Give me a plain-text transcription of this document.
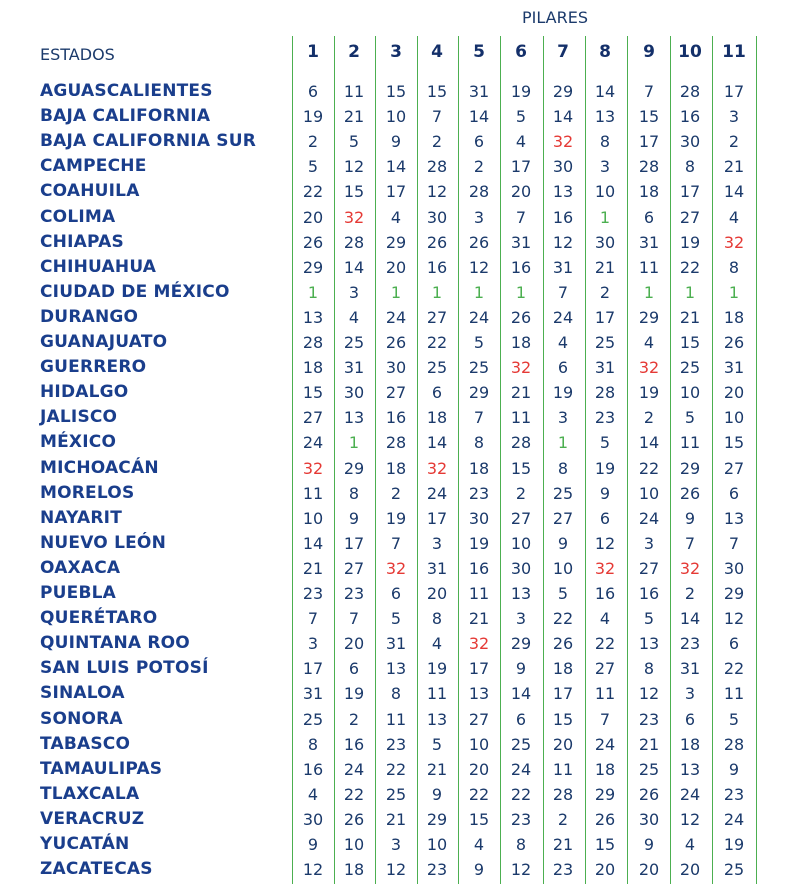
PILARES
ESTADOS	1	2	3	4	5	6	7	8	9	10	11
AGUASCALIENTES	6	11	15	15	31	19	29	14	7	28	17
BAJA CALIFORNIA	19	21	10	7	14	5	14	13	15	16	3
BAJA CALIFORNIA SUR	2	5	9	2	6	4	32	8	17	30	2
CAMPECHE	5	12	14	28	2	17	30	3	28	8	21
COAHUILA	22	15	17	12	28	20	13	10	18	17	14
COLIMA	20	32	4	30	3	7	16	1	6	27	4
CHIAPAS	26	28	29	26	26	31	12	30	31	19	32
CHIHUAHUA	29	14	20	16	12	16	31	21	11	22	8
CIUDAD DE MÉXICO	1	3	1	1	1	1	7	2	1	1	1
DURANGO	13	4	24	27	24	26	24	17	29	21	18
GUANAJUATO	28	25	26	22	5	18	4	25	4	15	26
GUERRERO	18	31	30	25	25	32	6	31	32	25	31
HIDALGO	15	30	27	6	29	21	19	28	19	10	20
JALISCO	27	13	16	18	7	11	3	23	2	5	10
MÉXICO	24	1	28	14	8	28	1	5	14	11	15
MICHOACÁN	32	29	18	32	18	15	8	19	22	29	27
MORELOS	11	8	2	24	23	2	25	9	10	26	6
NAYARIT	10	9	19	17	30	27	27	6	24	9	13
NUEVO LEÓN	14	17	7	3	19	10	9	12	3	7	7
OAXACA	21	27	32	31	16	30	10	32	27	32	30
PUEBLA	23	23	6	20	11	13	5	16	16	2	29
QUERÉTARO	7	7	5	8	21	3	22	4	5	14	12
QUINTANA ROO	3	20	31	4	32	29	26	22	13	23	6
SAN LUIS POTOSÍ	17	6	13	19	17	9	18	27	8	31	22
SINALOA	31	19	8	11	13	14	17	11	12	3	11
SONORA	25	2	11	13	27	6	15	7	23	6	5
TABASCO	8	16	23	5	10	25	20	24	21	18	28
TAMAULIPAS	16	24	22	21	20	24	11	18	25	13	9
TLAXCALA	4	22	25	9	22	22	28	29	26	24	23
VERACRUZ	30	26	21	29	15	23	2	26	30	12	24
YUCATÁN	9	10	3	10	4	8	21	15	9	4	19
ZACATECAS	12	18	12	23	9	12	23	20	20	20	25
